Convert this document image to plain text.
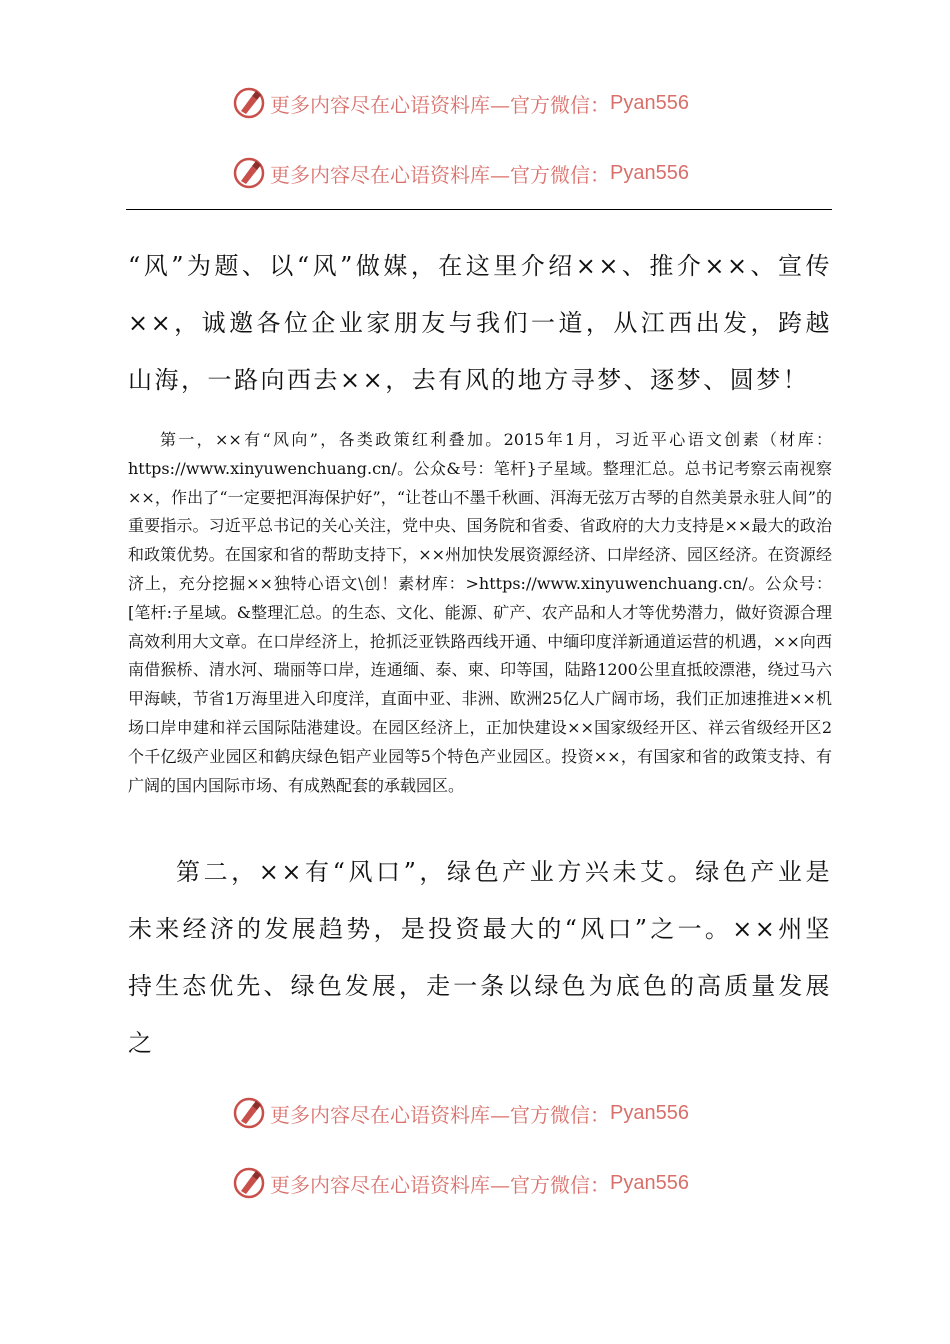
更多内容尽在心语资料库—官方微信： Pyan556
更多内容尽在心语资料库—官方微信： Pyan556

“风”为题、以“风”做媒，在这里介绍××、推介××、宣传××，诚邀各位企业家朋友与我们一道，从江西出发，跨越山海，一路向西去××，去有风的地方寻梦、逐梦、圆梦！

第一，××有“风向”，各类政策红利叠加。2015年1月，习近平心语文创素（材库：https://www.xinyuwenchuang.cn/。公众&号：笔杆}子星域。整理汇总。总书记考察云南视察××，作出了“一定要把洱海保护好”，“让苍山不墨千秋画、洱海无弦万古琴的自然美景永驻人间”的重要指示。习近平总书记的关心关注，党中央、国务院和省委、省政府的大力支持是××最大的政治和政策优势。在国家和省的帮助支持下，××州加快发展资源经济、口岸经济、园区经济。在资源经济上，充分挖掘××独特心语文\创！素材库：>https://www.xinyuwenchuang.cn/。公众号：[笔杆:子星域。&整理汇总。的生态、文化、能源、矿产、农产品和人才等优势潜力，做好资源合理高效利用大文章。在口岸经济上，抢抓泛亚铁路西线开通、中缅印度洋新通道运营的机遇，××向西南借猴桥、清水河、瑞丽等口岸，连通缅、泰、柬、印等国，陆路1200公里直抵皎漂港，绕过马六甲海峡，节省1万海里进入印度洋，直面中亚、非洲、欧洲25亿人广阔市场，我们正加速推进××机场口岸申建和祥云国际陆港建设。在园区经济上，正加快建设××国家级经开区、祥云省级经开区2个千亿级产业园区和鹤庆绿色铝产业园等5个特色产业园区。投资××，有国家和省的政策支持、有广阔的国内国际市场、有成熟配套的承载园区。

第二，××有“风口”，绿色产业方兴未艾。绿色产业是未来经济的发展趋势，是投资最大的“风口”之一。××州坚持生态优先、绿色发展，走一条以绿色为底色的高质量发展之

更多内容尽在心语资料库—官方微信： Pyan556
更多内容尽在心语资料库—官方微信： Pyan556
